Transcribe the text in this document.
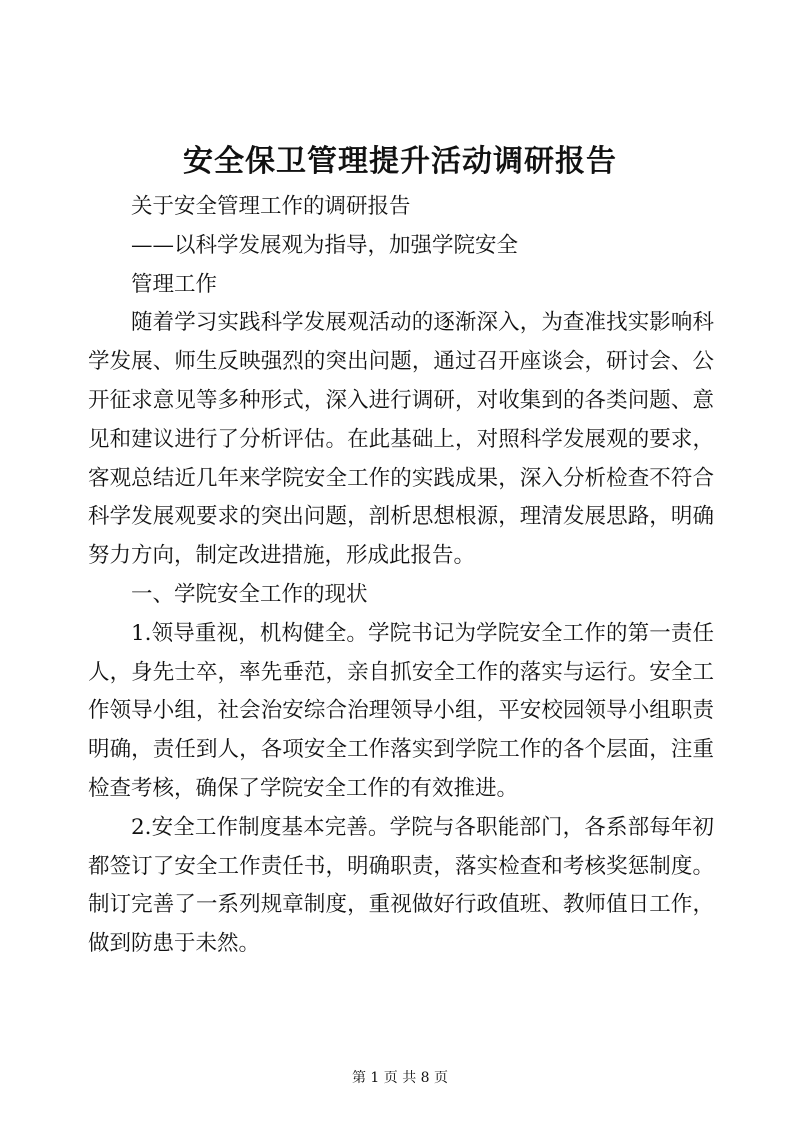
安全保卫管理提升活动调研报告

关于安全管理工作的调研报告

——以科学发展观为指导，加强学院安全

管理工作

随着学习实践科学发展观活动的逐渐深入，为查准找实影响科学发展、师生反映强烈的突出问题，通过召开座谈会，研讨会、公开征求意见等多种形式，深入进行调研，对收集到的各类问题、意见和建议进行了分析评估。在此基础上，对照科学发展观的要求，客观总结近几年来学院安全工作的实践成果，深入分析检查不符合科学发展观要求的突出问题，剖析思想根源，理清发展思路，明确努力方向，制定改进措施，形成此报告。

一、学院安全工作的现状

1.领导重视，机构健全。学院书记为学院安全工作的第一责任人，身先士卒，率先垂范，亲自抓安全工作的落实与运行。安全工作领导小组，社会治安综合治理领导小组，平安校园领导小组职责明确，责任到人，各项安全工作落实到学院工作的各个层面，注重检查考核，确保了学院安全工作的有效推进。

2.安全工作制度基本完善。学院与各职能部门，各系部每年初都签订了安全工作责任书，明确职责，落实检查和考核奖惩制度。制订完善了一系列规章制度，重视做好行政值班、教师值日工作，做到防患于未然。

第 1 页 共 8 页
